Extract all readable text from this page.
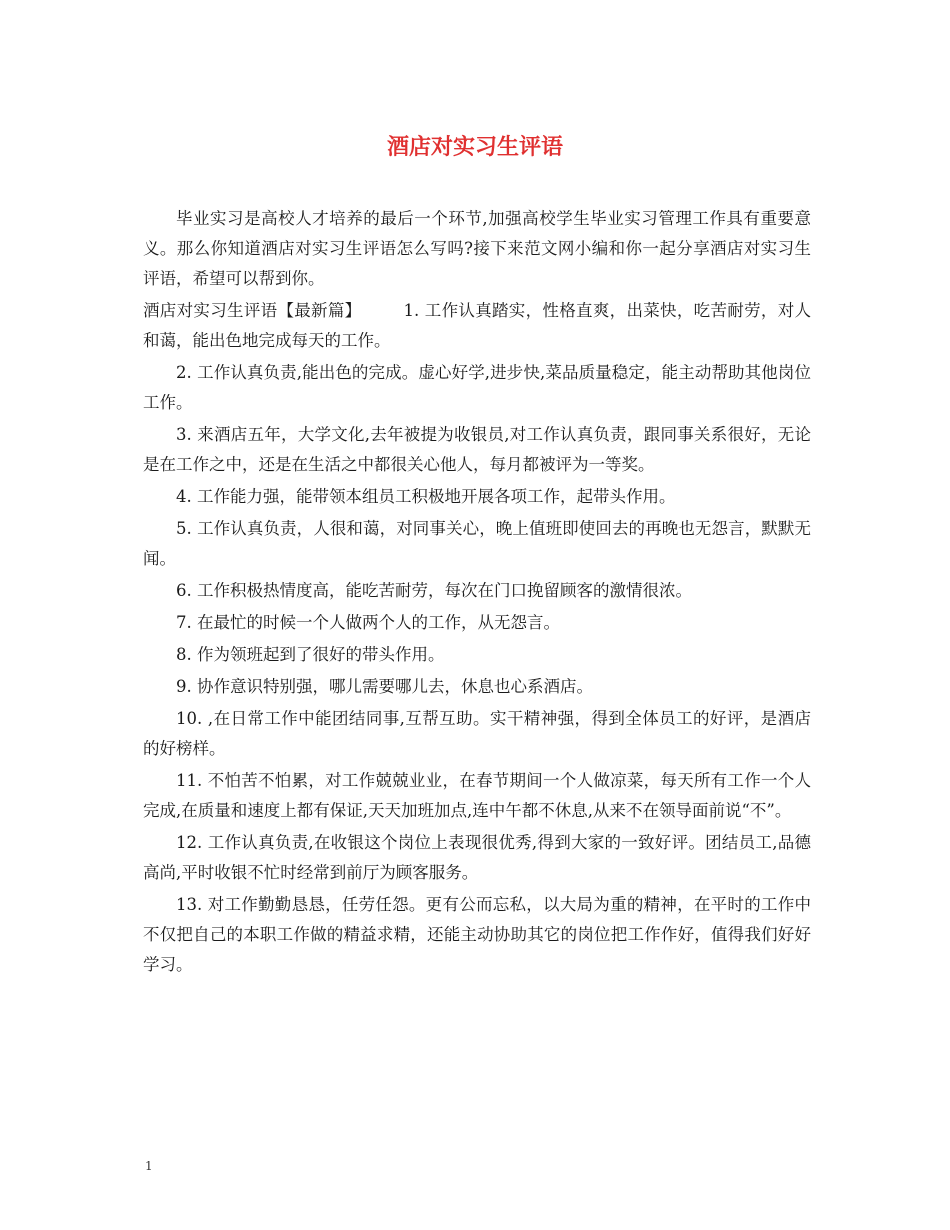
酒店对实习生评语

毕业实习是高校人才培养的最后一个环节,加强高校学生毕业实习管理工作具有重要意义。那么你知道酒店对实习生评语怎么写吗?接下来范文网小编和你一起分享酒店对实习生评语，希望可以帮到你。

酒店对实习生评语【最新篇】	1. 工作认真踏实，性格直爽，出菜快，吃苦耐劳，对人和蔼，能出色地完成每天的工作。

2. 工作认真负责,能出色的完成。虚心好学,进步快,菜品质量稳定，能主动帮助其他岗位工作。

3. 来酒店五年，大学文化,去年被提为收银员,对工作认真负责，跟同事关系很好，无论是在工作之中，还是在生活之中都很关心他人，每月都被评为一等奖。

4. 工作能力强，能带领本组员工积极地开展各项工作，起带头作用。

5. 工作认真负责，人很和蔼，对同事关心，晚上值班即使回去的再晚也无怨言，默默无闻。

6. 工作积极热情度高，能吃苦耐劳，每次在门口挽留顾客的激情很浓。

7. 在最忙的时候一个人做两个人的工作，从无怨言。

8. 作为领班起到了很好的带头作用。

9. 协作意识特别强，哪儿需要哪儿去，休息也心系酒店。

10. ,在日常工作中能团结同事,互帮互助。实干精神强，得到全体员工的好评，是酒店的好榜样。

11. 不怕苦不怕累，对工作兢兢业业，在春节期间一个人做凉菜，每天所有工作一个人完成,在质量和速度上都有保证,天天加班加点,连中午都不休息,从来不在领导面前说“不”。

12. 工作认真负责,在收银这个岗位上表现很优秀,得到大家的一致好评。团结员工,品德高尚,平时收银不忙时经常到前厅为顾客服务。

13. 对工作勤勤恳恳，任劳任怨。更有公而忘私，以大局为重的精神，在平时的工作中不仅把自己的本职工作做的精益求精，还能主动协助其它的岗位把工作作好，值得我们好好学习。

1
